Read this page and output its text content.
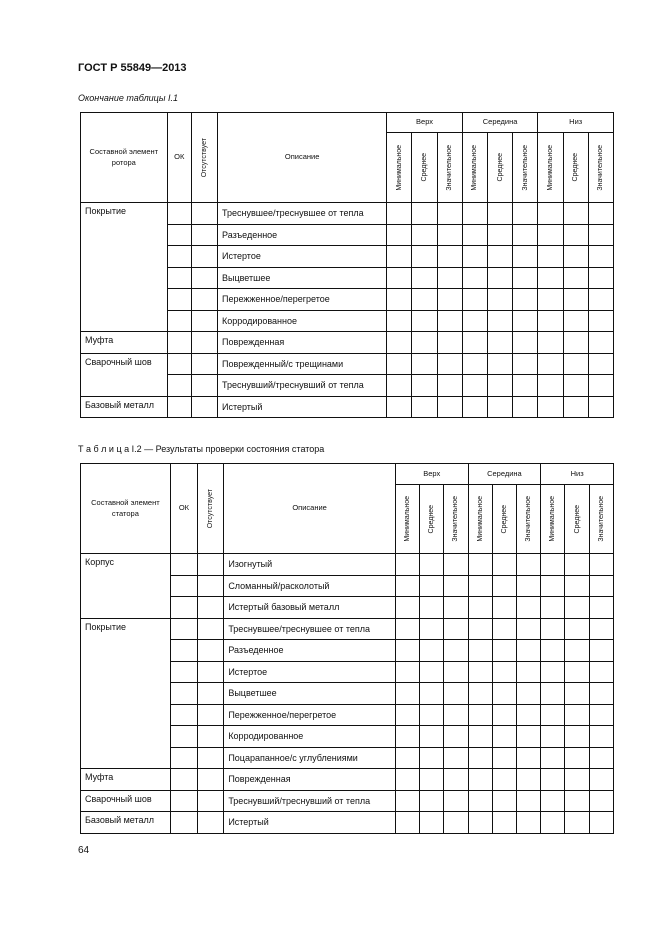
ГОСТ Р 55849—2013
Окончание таблицы I.1
Составной элемент ротора	ОК	Отсутствует	Описание	Верх			Середина			Низ		

				Минимальное	Среднее	Значительное	Минимальное	Среднее	Значительное	Минимальное	Среднее	Значительное

Покрытие			Треснувшее/треснувшее от тепла									
			Разъеденное									
			Истертое									
			Выцветшее									
			Пережженное/перегретое									
			Корродированное									
Муфта			Поврежденная									
Сварочный шов			Поврежденный/с трещинами									
			Треснувший/треснувший от тепла									
Базовый металл			Истертый									
Т а б л и ц а I.2 — Результаты проверки состояния статора
Составной элемент статора	ОК	Отсутствует	Описание	Верх			Середина			Низ		

				Минимальное	Среднее	Значительное	Минимальное	Среднее	Значительное	Минимальное	Среднее	Значительное

Корпус			Изогнутый									
			Сломанный/расколотый									
			Истертый базовый металл									
Покрытие			Треснувшее/треснувшее от тепла									
			Разъеденное									
			Истертое									
			Выцветшее									
			Пережженное/перегретое									
			Корродированное									
			Поцарапанное/с углублениями									
Муфта			Поврежденная									
Сварочный шов			Треснувший/треснувший от тепла									
Базовый металл			Истертый									
64
